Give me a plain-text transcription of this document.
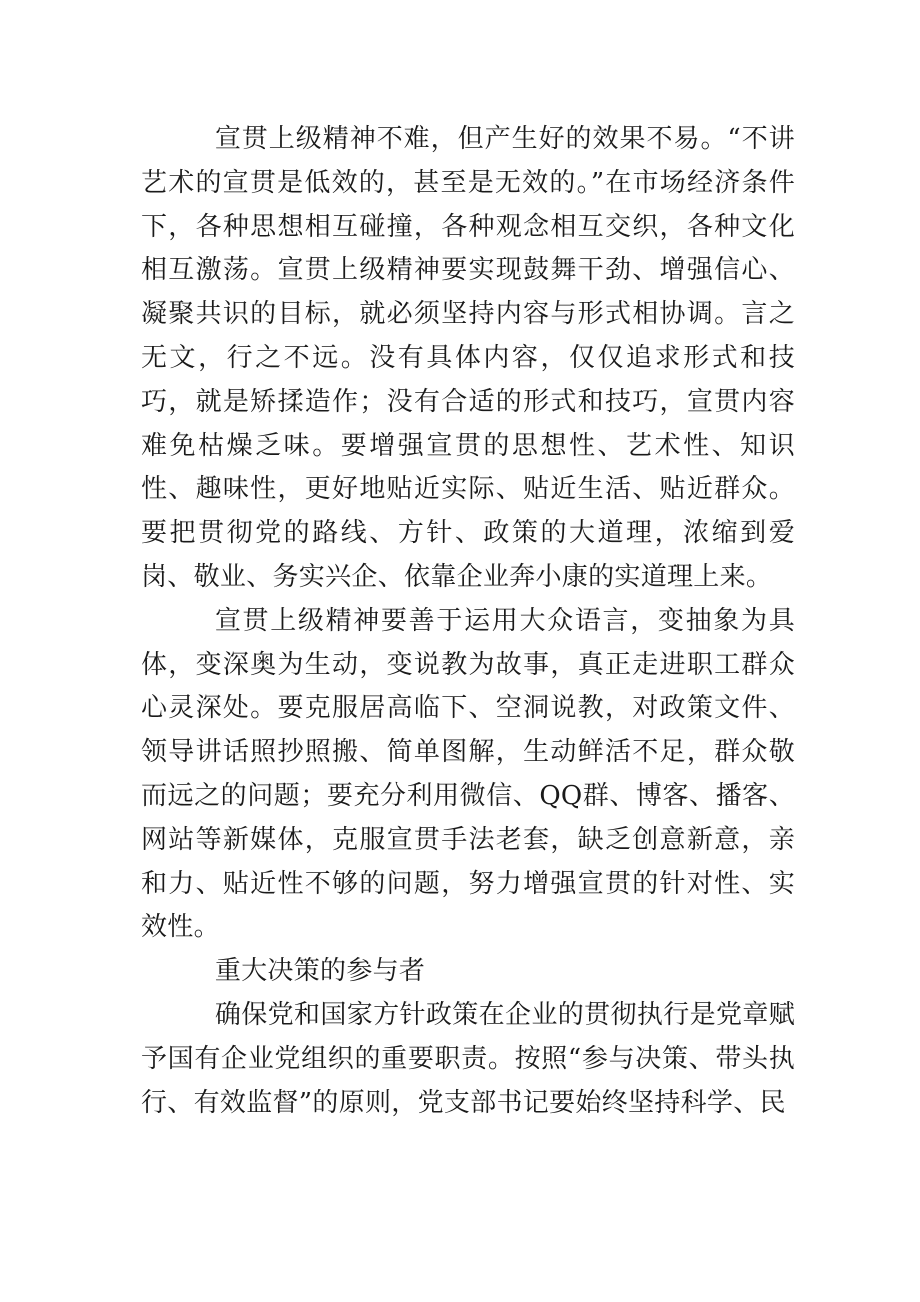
宣贯上级精神不难，但产生好的效果不易。“不讲艺术的宣贯是低效的，甚至是无效的。”在市场经济条件下，各种思想相互碰撞，各种观念相互交织，各种文化相互激荡。宣贯上级精神要实现鼓舞干劲、增强信心、凝聚共识的目标，就必须坚持内容与形式相协调。言之无文，行之不远。没有具体内容，仅仅追求形式和技巧，就是矫揉造作；没有合适的形式和技巧，宣贯内容难免枯燥乏味。要增强宣贯的思想性、艺术性、知识性、趣味性，更好地贴近实际、贴近生活、贴近群众。要把贯彻党的路线、方针、政策的大道理，浓缩到爱岗、敬业、务实兴企、依靠企业奔小康的实道理上来。

宣贯上级精神要善于运用大众语言，变抽象为具体，变深奥为生动，变说教为故事，真正走进职工群众心灵深处。要克服居高临下、空洞说教，对政策文件、领导讲话照抄照搬、简单图解，生动鲜活不足，群众敬而远之的问题；要充分利用微信、QQ群、博客、播客、网站等新媒体，克服宣贯手法老套，缺乏创意新意，亲和力、贴近性不够的问题，努力增强宣贯的针对性、实效性。

重大决策的参与者

确保党和国家方针政策在企业的贯彻执行是党章赋予国有企业党组织的重要职责。按照“参与决策、带头执行、有效监督”的原则，党支部书记要始终坚持科学、民
